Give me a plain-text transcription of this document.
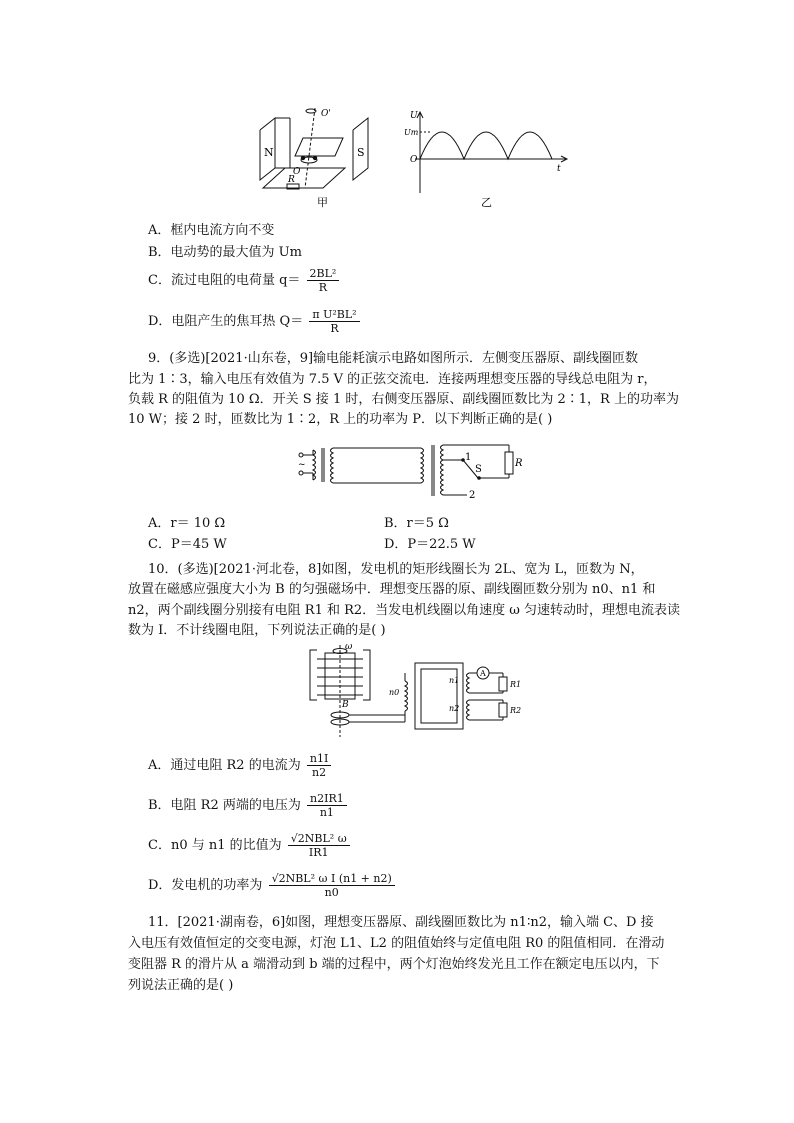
N	S
O'
O
R
甲
U
Um
O
t
乙
A．框内电流方向不变
B．电动势的最大值为 Um
C．流过电阻的电荷量 $q= \frac{\text{2BL²}}{R}$
D．电阻产生的焦耳热 $Q= \frac{\text{π U²BL²}}{R}$
9．(多选)[2021·山东卷，9]输电能耗演示电路如图所示．左侧变压器原、副线圈匝数
比为 1∶3，输入电压有效值为 7.5 V 的正弦交流电．连接两理想变压器的导线总电阻为 r，
负载 R 的阻值为 10 Ω．开关 S 接 1 时，右侧变压器原、副线圈匝数比为 2∶1，R 上的功率为
10 W；接 2 时，匝数比为 1∶2，R 上的功率为 P．以下判断正确的是( )
~
1
2
S
R
A．r＝ 10 Ω	B．r＝5 Ω
C．P＝45 W	D．P＝22.5 W
10．(多选)[2021·河北卷，8]如图，发电机的矩形线圈长为 2L、宽为 L，匝数为 N，
放置在磁感应强度大小为 B 的匀强磁场中．理想变压器的原、副线圈匝数分别为 n0、n1 和
n2，两个副线圈分别接有电阻 R1 和 R2．当发电机线圈以角速度 ω 匀速转动时，理想电流表读
数为 I．不计线圈电阻，下列说法正确的是( )
ω
B
n0
n1
n2
A
R1
R2
A．通过电阻 R2 的电流为 $\frac{n1I}{n2}$
B．电阻 R2 两端的电压为 $\frac{n2IR1}{n1}$
C．n0 与 n1 的比值为 $\frac{\text{√2NBL² ω}}{IR1}$
D．发电机的功率为 $\frac{\text{√2NBL² ω I (n1 + n2)}}{n0}$
11．[2021·湖南卷，6]如图，理想变压器原、副线圈匝数比为 n1∶n2，输入端 C、D 接
入电压有效值恒定的交变电源，灯泡 L1、L2 的阻值始终与定值电阻 R0 的阻值相同．在滑动
变阻器 R 的滑片从 a 端滑动到 b 端的过程中，两个灯泡始终发光且工作在额定电压以内，下
列说法正确的是( )
